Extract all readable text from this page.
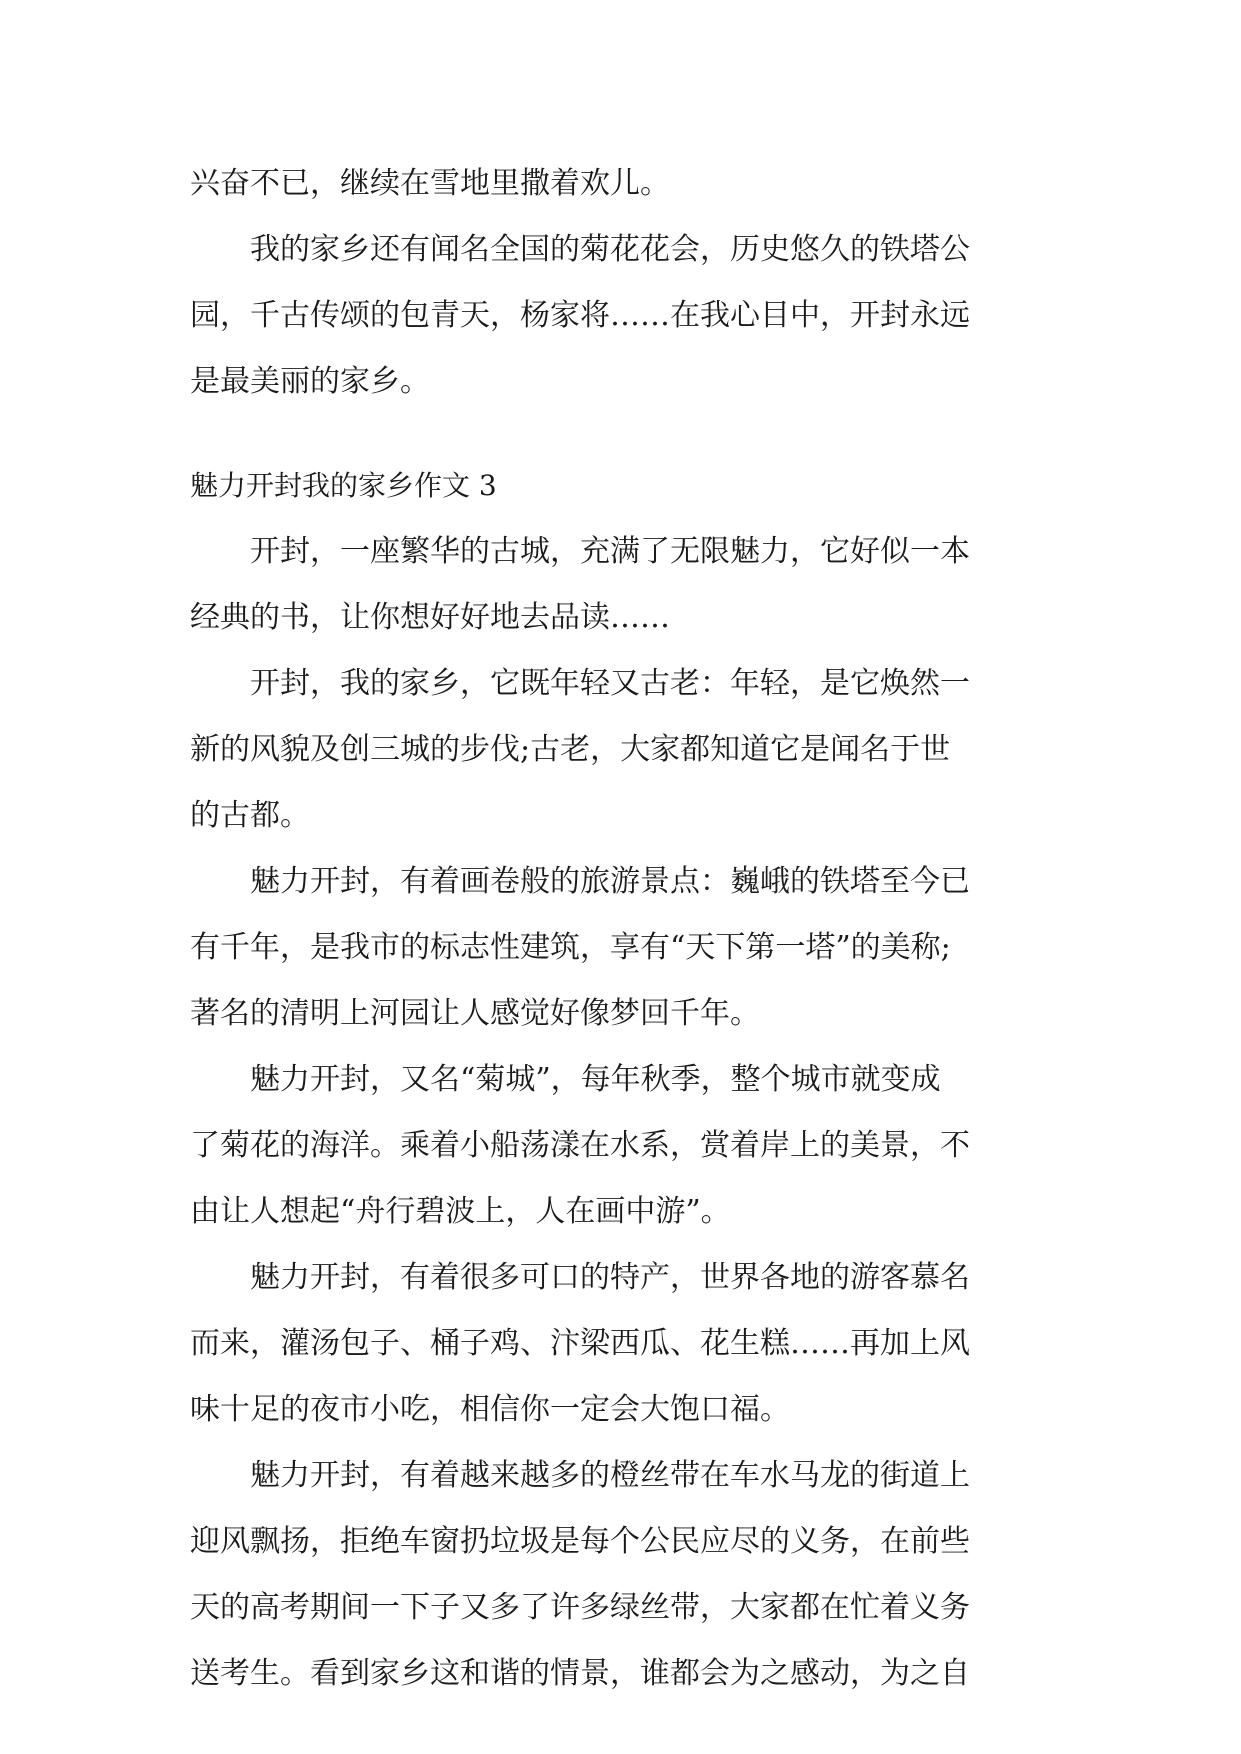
兴奋不已，继续在雪地里撒着欢儿。
　　我的家乡还有闻名全国的菊花花会，历史悠久的铁塔公
园，千古传颂的包青天，杨家将……在我心目中，开封永远
是最美丽的家乡。
魅力开封我的家乡作文 3
　　开封，一座繁华的古城，充满了无限魅力，它好似一本
经典的书，让你想好好地去品读……
　　开封，我的家乡，它既年轻又古老：年轻，是它焕然一
新的风貌及创三城的步伐;古老，大家都知道它是闻名于世
的古都。
　　魅力开封，有着画卷般的旅游景点：巍峨的铁塔至今已
有千年，是我市的标志性建筑，享有“天下第一塔”的美称;
著名的清明上河园让人感觉好像梦回千年。
　　魅力开封，又名“菊城”，每年秋季，整个城市就变成
了菊花的海洋。乘着小船荡漾在水系，赏着岸上的美景，不
由让人想起“舟行碧波上，人在画中游”。
　　魅力开封，有着很多可口的特产，世界各地的游客慕名
而来，灌汤包子、桶子鸡、汴梁西瓜、花生糕……再加上风
味十足的夜市小吃，相信你一定会大饱口福。
　　魅力开封，有着越来越多的橙丝带在车水马龙的街道上
迎风飘扬，拒绝车窗扔垃圾是每个公民应尽的义务，在前些
天的高考期间一下子又多了许多绿丝带，大家都在忙着义务
送考生。看到家乡这和谐的情景，谁都会为之感动，为之自
